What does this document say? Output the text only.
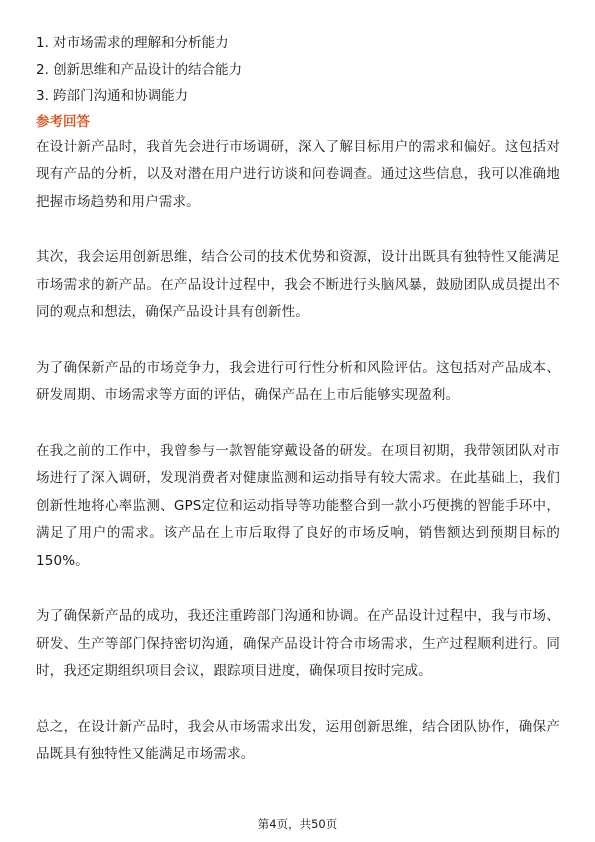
1. 对市场需求的理解和分析能力

2. 创新思维和产品设计的结合能力

3. 跨部门沟通和协调能力

参考回答

在设计新产品时，我首先会进行市场调研，深入了解目标用户的需求和偏好。这包括对现有产品的分析，以及对潜在用户进行访谈和问卷调查。通过这些信息，我可以准确地把握市场趋势和用户需求。

其次，我会运用创新思维，结合公司的技术优势和资源，设计出既具有独特性又能满足市场需求的新产品。在产品设计过程中，我会不断进行头脑风暴，鼓励团队成员提出不同的观点和想法，确保产品设计具有创新性。

为了确保新产品的市场竞争力，我会进行可行性分析和风险评估。这包括对产品成本、研发周期、市场需求等方面的评估，确保产品在上市后能够实现盈利。

在我之前的工作中，我曾参与一款智能穿戴设备的研发。在项目初期，我带领团队对市场进行了深入调研，发现消费者对健康监测和运动指导有较大需求。在此基础上，我们创新性地将心率监测、GPS定位和运动指导等功能整合到一款小巧便携的智能手环中，满足了用户的需求。该产品在上市后取得了良好的市场反响，销售额达到预期目标的150%。

为了确保新产品的成功，我还注重跨部门沟通和协调。在产品设计过程中，我与市场、研发、生产等部门保持密切沟通，确保产品设计符合市场需求，生产过程顺利进行。同时，我还定期组织项目会议，跟踪项目进度，确保项目按时完成。

总之，在设计新产品时，我会从市场需求出发，运用创新思维，结合团队协作，确保产品既具有独特性又能满足市场需求。

第4页，共50页
